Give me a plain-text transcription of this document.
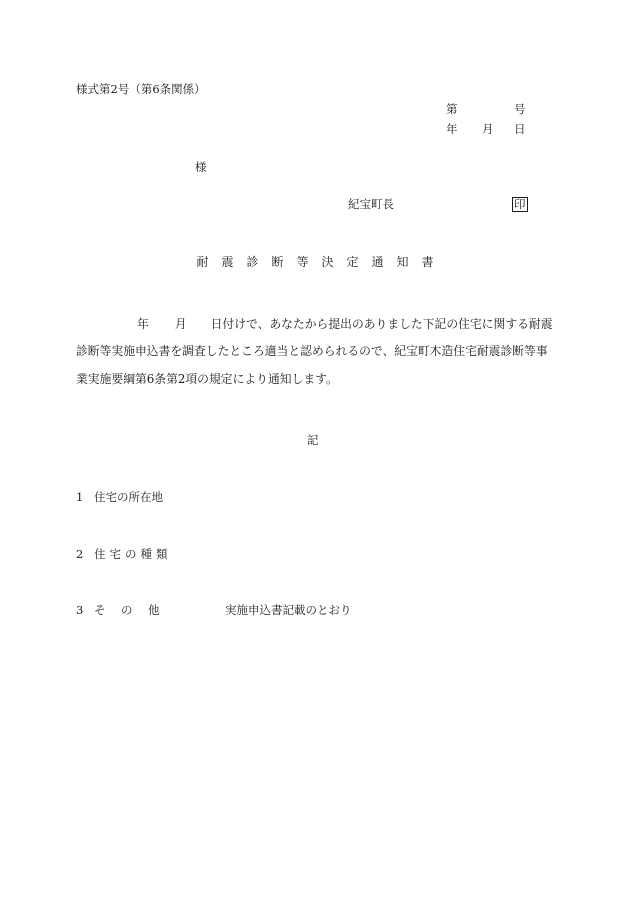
様式第2号（第6条関係）
第	号
年 月 日
様
紀宝町長	印
耐震診断等決定通知書
年 月 日付けで、あなたから提出のありました下記の住宅に関する耐震
診断等実施申込書を調査したところ適当と認められるので、紀宝町木造住宅耐震診断等事
業実施要綱第6条第2項の規定により通知します。
記
1 住宅の所在地
2 住宅の種類
3 そ の 他	実施申込書記載のとおり
